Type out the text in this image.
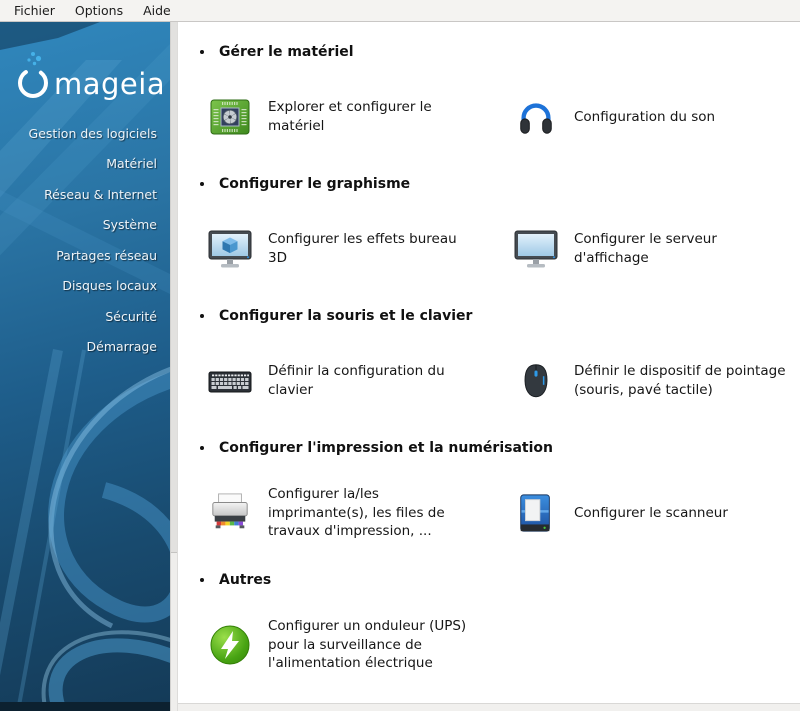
Fichier	Options	Aide
mageia
Gestion des logiciels
Matériel
Réseau & Internet
Système
Partages réseau
Disques locaux
Sécurité
Démarrage
Gérer le matériel
Explorer et configurer le matériel
Configuration du son
Configurer le graphisme
Configurer les effets bureau 3D
Configurer le serveur d'affichage
Configurer la souris et le clavier
Définir la configuration du clavier
Définir le dispositif de pointage (souris, pavé tactile)
Configurer l'impression et la numérisation
Configurer la/les imprimante(s), les files de travaux d'impression, ...
Configurer le scanneur
Autres
Configurer un onduleur (UPS) pour la surveillance de l'alimentation électrique
